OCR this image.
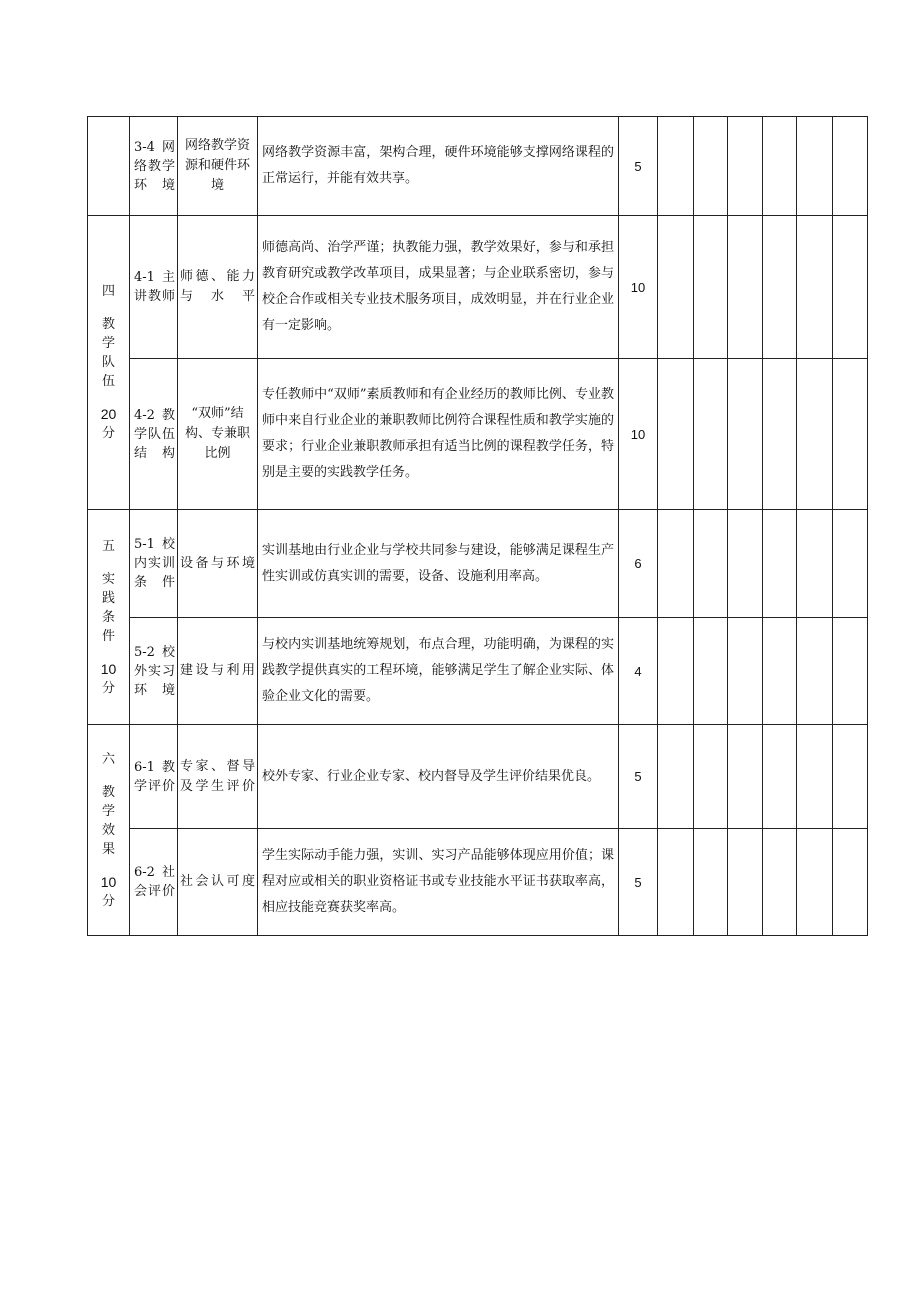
	3-4 网络教学环境	网络教学资源和硬件环境	网络教学资源丰富，架构合理，硬件环境能够支撑网络课程的正常运行，并能有效共享。	5						

四
教学队伍
20
分	4-1 主讲教师	师德、能力与水平	师德高尚、治学严谨；执教能力强，教学效果好，参与和承担教育研究或教学改革项目，成果显著；与企业联系密切，参与校企合作或相关专业技术服务项目，成效明显，并在行业企业有一定影响。	10						
	4-2 教学队伍结构	“双师”结构、专兼职比例	专任教师中“双师”素质教师和有企业经历的教师比例、专业教师中来自行业企业的兼职教师比例符合课程性质和教学实施的要求；行业企业兼职教师承担有适当比例的课程教学任务，特别是主要的实践教学任务。	10						

五
实践条件
10
分	5-1 校内实训条件	设备与环境	实训基地由行业企业与学校共同参与建设，能够满足课程生产性实训或仿真实训的需要，设备、设施利用率高。	6						
	5-2 校外实习环境	建设与利用	与校内实训基地统筹规划，布点合理，功能明确，为课程的实践教学提供真实的工程环境，能够满足学生了解企业实际、体验企业文化的需要。	4						

六
教学效果
10
分	6-1 教学评价	专家、督导及学生评价	校外专家、行业企业专家、校内督导及学生评价结果优良。	5						
	6-2 社会评价	社会认可度	学生实际动手能力强，实训、实习产品能够体现应用价值；课程对应或相关的职业资格证书或专业技能水平证书获取率高，相应技能竞赛获奖率高。	5						
